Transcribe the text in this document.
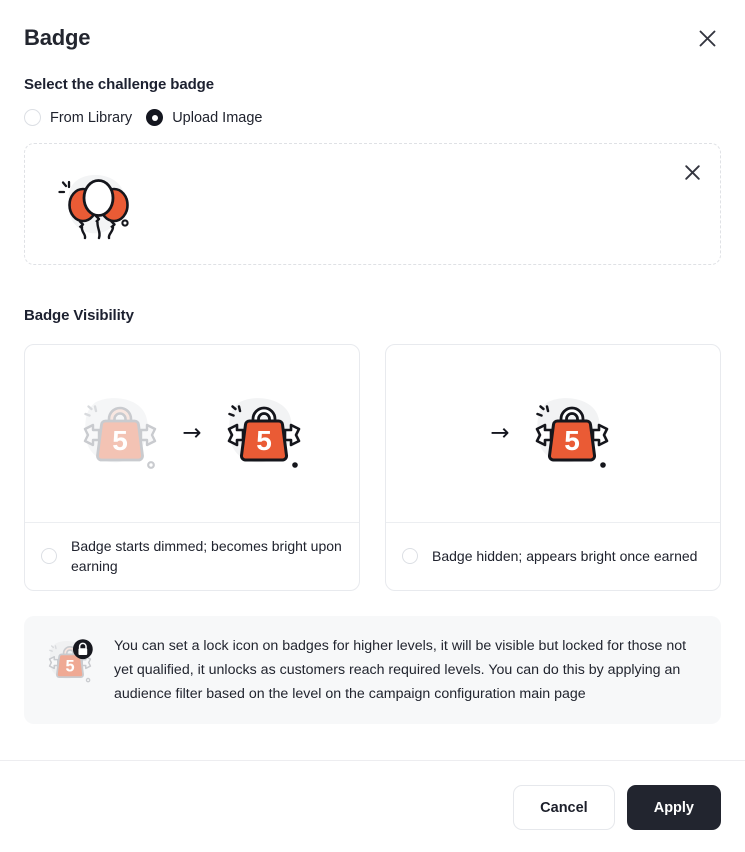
Badge
Select the challenge badge
From Library	Upload Image
Badge Visibility
5 → 5
Badge starts dimmed; becomes bright upon earning
→ 5
Badge hidden; appears bright once earned
5
You can set a lock icon on badges for higher levels, it will be visible but locked for those not yet qualified, it unlocks as customers reach required levels. You can do this by applying an audience filter based on the level on the campaign configuration main page
Cancel	Apply
